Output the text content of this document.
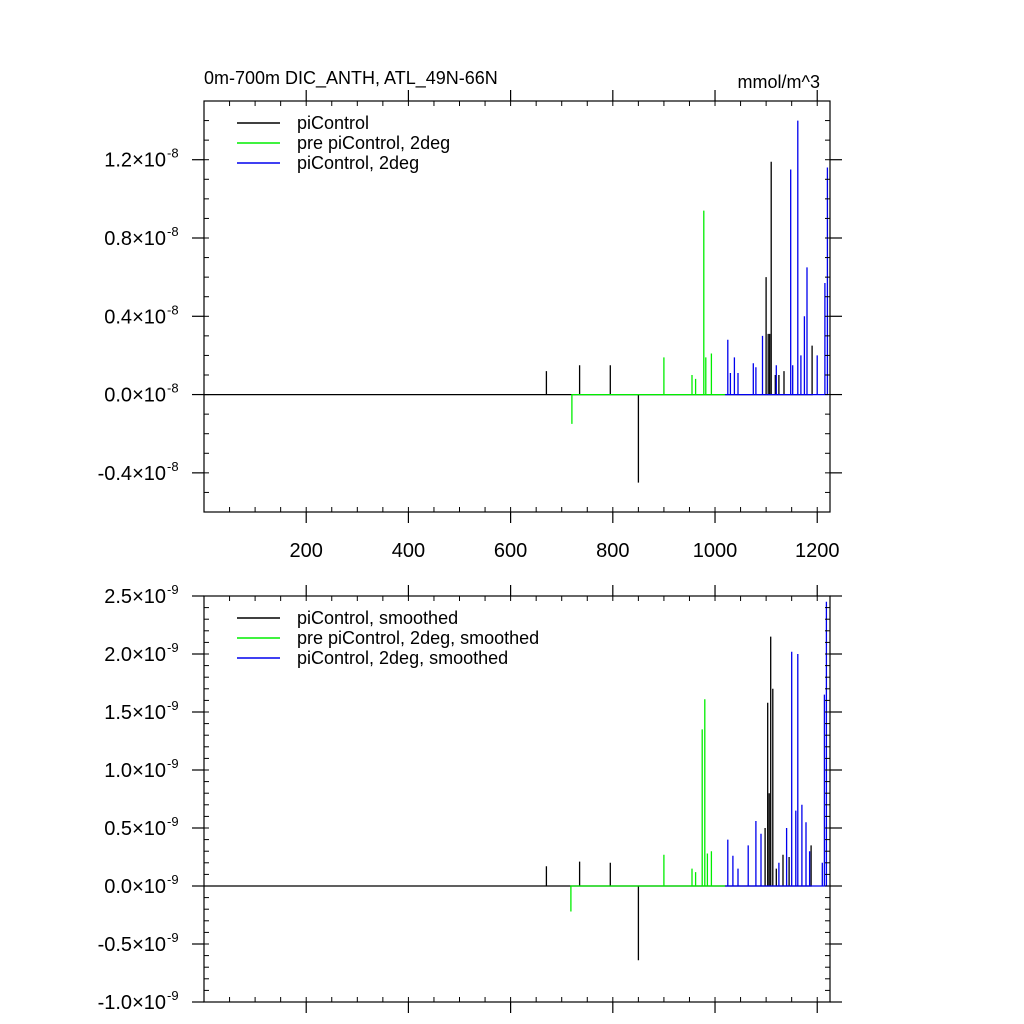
200	400	600	800	1000	1200
-0.4×10 -8
0.0×10 -8
0.4×10 -8
0.8×10 -8
1.2×10 -8
0m-700m DIC_ANTH, ATL_49N-66N	mmol/m^3
piControl
pre piControl, 2deg
piControl, 2deg
-1.0×10 -9
-0.5×10 -9
0.0×10 -9
0.5×10 -9
1.0×10 -9
1.5×10 -9
2.0×10 -9
2.5×10 -9
piControl, smoothed
pre piControl, 2deg, smoothed
piControl, 2deg, smoothed
